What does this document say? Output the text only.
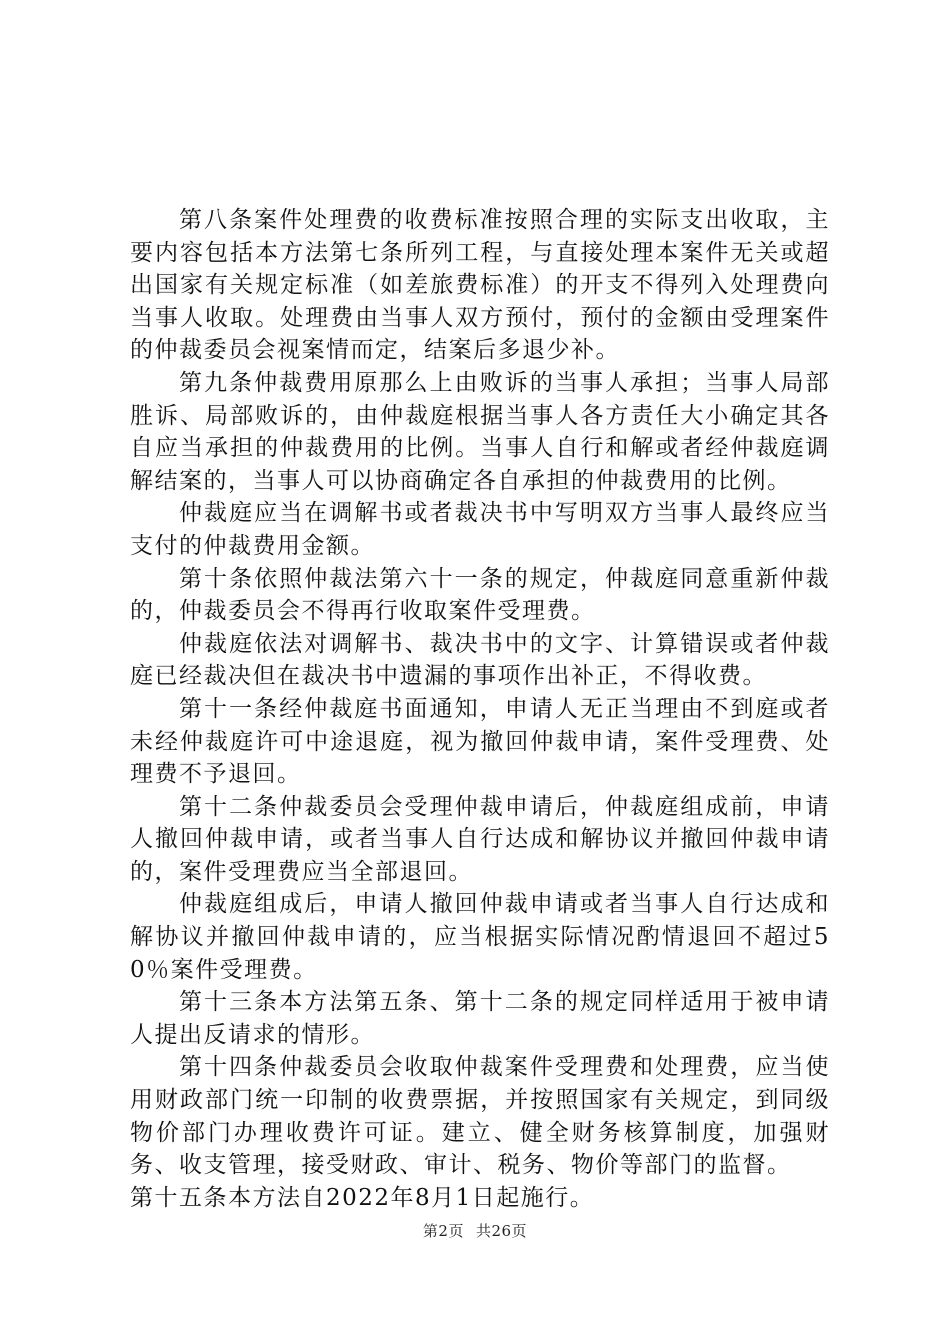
第八条案件处理费的收费标准按照合理的实际支出收取，主要内容包括本方法第七条所列工程，与直接处理本案件无关或超出国家有关规定标准（如差旅费标准）的开支不得列入处理费向当事人收取。处理费由当事人双方预付，预付的金额由受理案件的仲裁委员会视案情而定，结案后多退少补。

第九条仲裁费用原那么上由败诉的当事人承担；当事人局部胜诉、局部败诉的，由仲裁庭根据当事人各方责任大小确定其各自应当承担的仲裁费用的比例。当事人自行和解或者经仲裁庭调解结案的，当事人可以协商确定各自承担的仲裁费用的比例。

仲裁庭应当在调解书或者裁决书中写明双方当事人最终应当支付的仲裁费用金额。

第十条依照仲裁法第六十一条的规定，仲裁庭同意重新仲裁的，仲裁委员会不得再行收取案件受理费。

仲裁庭依法对调解书、裁决书中的文字、计算错误或者仲裁庭已经裁决但在裁决书中遗漏的事项作出补正，不得收费。

第十一条经仲裁庭书面通知，申请人无正当理由不到庭或者未经仲裁庭许可中途退庭，视为撤回仲裁申请，案件受理费、处理费不予退回。

第十二条仲裁委员会受理仲裁申请后，仲裁庭组成前，申请人撤回仲裁申请，或者当事人自行达成和解协议并撤回仲裁申请的，案件受理费应当全部退回。

仲裁庭组成后，申请人撤回仲裁申请或者当事人自行达成和解协议并撤回仲裁申请的，应当根据实际情况酌情退回不超过50％案件受理费。

第十三条本方法第五条、第十二条的规定同样适用于被申请人提出反请求的情形。

第十四条仲裁委员会收取仲裁案件受理费和处理费，应当使用财政部门统一印制的收费票据，并按照国家有关规定，到同级物价部门办理收费许可证。建立、健全财务核算制度，加强财务、收支管理，接受财政、审计、税务、物价等部门的监督。

第十五条本方法自2022年8月1日起施行。

第2页 共26页
